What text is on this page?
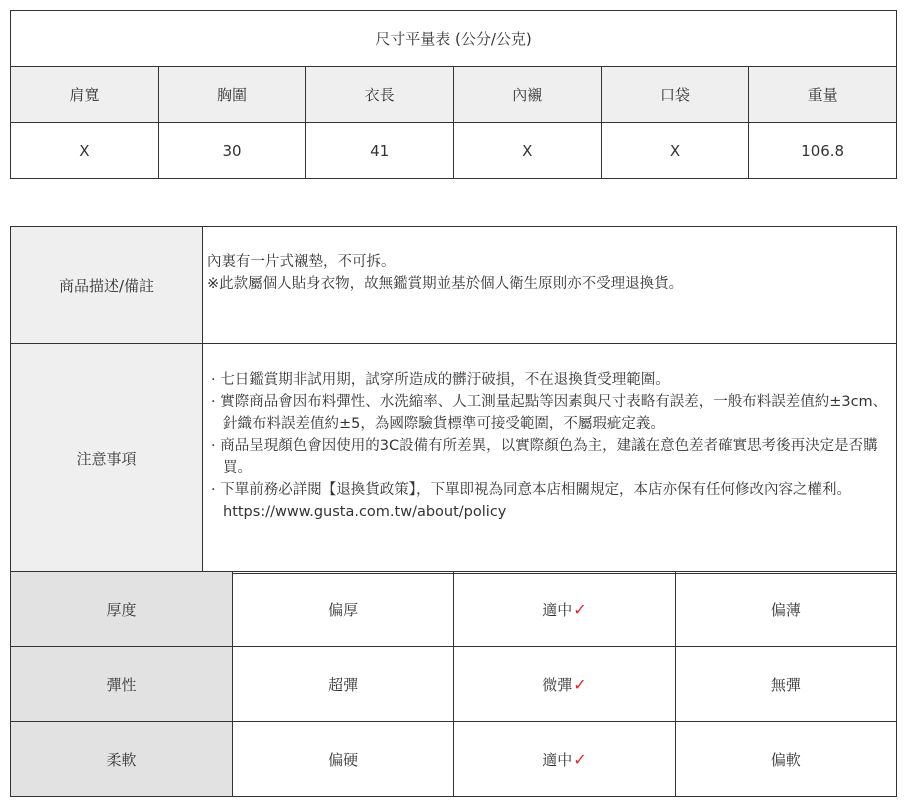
尺寸平量表 (公分/公克)					
肩寬	胸圍	衣長	內襯	口袋	重量
X	30	41	X	X	106.8
商品描述/備註	內裏有一片式襯墊，不可拆。
※此款屬個人貼身衣物，故無鑑賞期並基於個人衛生原則亦不受理退換貨。

注意事項	· 七日鑑賞期非試用期，試穿所造成的髒汙破損，不在退換貨受理範圍。
· 實際商品會因布料彈性、水洗縮率、人工測量起點等因素與尺寸表略有誤差，一般布料誤差值約±3cm、針織布料誤差值約±5，為國際驗貨標準可接受範圍，不屬瑕疵定義。
· 商品呈現顏色會因使用的3C設備有所差異，以實際顏色為主，建議在意色差者確實思考後再決定是否購買。
· 下單前務必詳閱【退換貨政策】，下單即視為同意本店相關規定，本店亦保有任何修改內容之權利。https://www.gusta.com.tw/about/policy
厚度	偏厚	適中✓	偏薄
彈性	超彈	微彈✓	無彈
柔軟	偏硬	適中✓	偏軟
